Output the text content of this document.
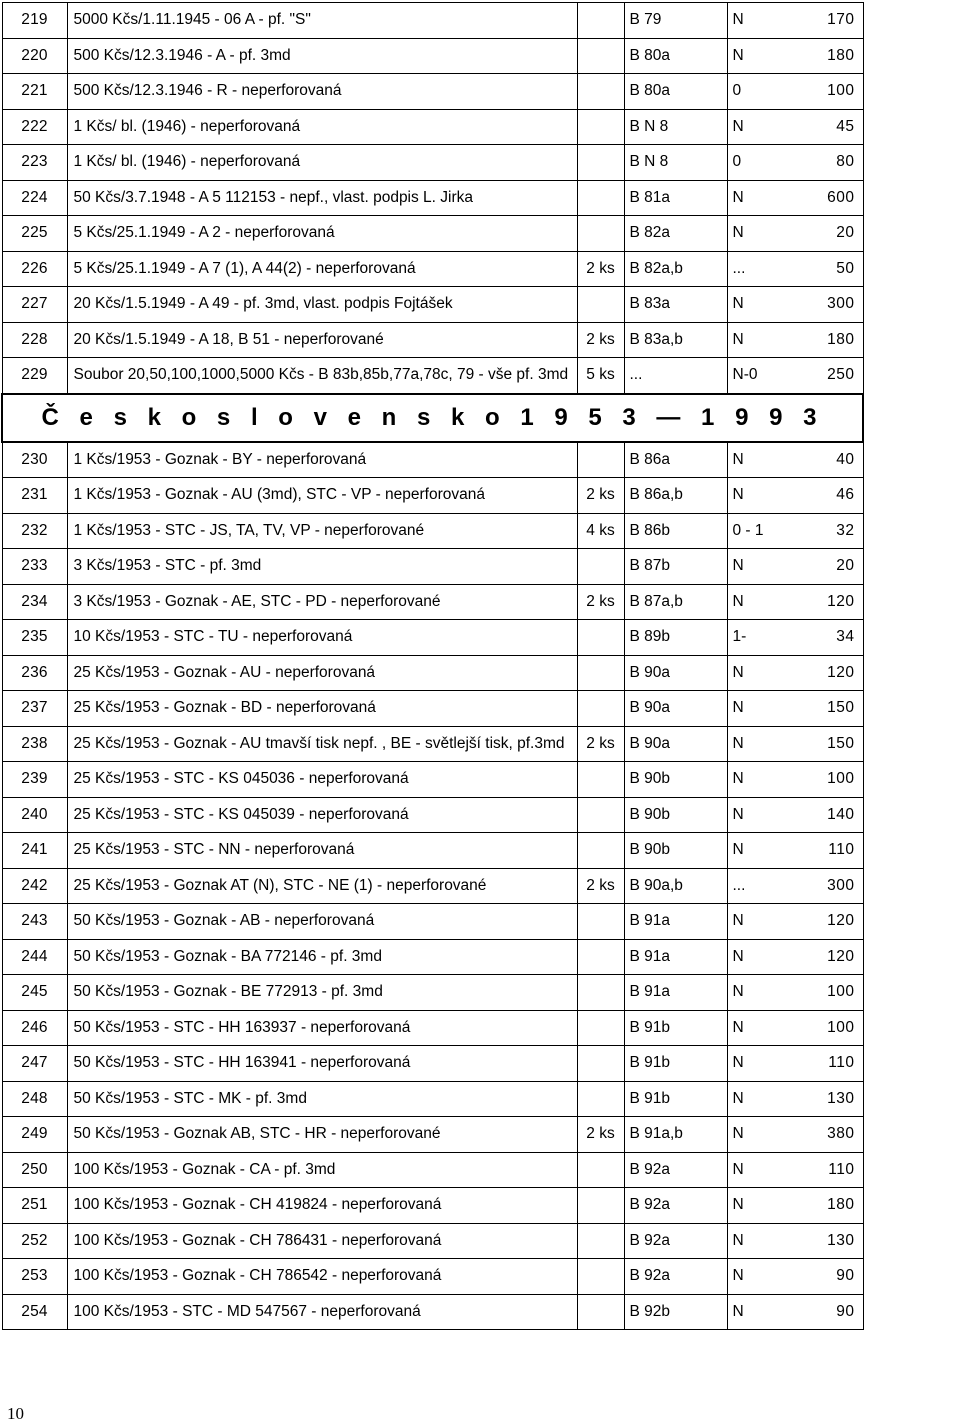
219	5000 Kčs/1.11.1945 - 06 A - pf. "S"		B 79	N	170
220	500 Kčs/12.3.1946 - A - pf. 3md		B 80a	N	180
221	500 Kčs/12.3.1946 - R - neperforovaná		B 80a	0	100
222	1 Kčs/ bl. (1946) - neperforovaná		B N 8	N	45
223	1 Kčs/ bl. (1946) - neperforovaná		B N 8	0	80
224	50 Kčs/3.7.1948 - A 5 112153 - nepf., vlast. podpis L. Jirka		B 81a	N	600
225	5 Kčs/25.1.1949 - A 2 - neperforovaná		B 82a	N	20
226	5 Kčs/25.1.1949 - A 7 (1), A 44(2) - neperforovaná	2 ks	B 82a,b	...	50
227	20 Kčs/1.5.1949 - A 49 - pf. 3md, vlast. podpis Fojtášek		B 83a	N	300
228	20 Kčs/1.5.1949 - A 18, B 51 - neperforované	2 ks	B 83a,b	N	180
229	Soubor 20,50,100,1000,5000 Kčs - B 83b,85b,77a,78c, 79 - vše pf. 3md	5 ks	...	N-0	250
Č e s k o s l o v e n s k o 1 9 5 3 — 1 9 9 3					
230	1 Kčs/1953 - Goznak - BY - neperforovaná		B 86a	N	40
231	1 Kčs/1953 - Goznak - AU (3md), STC - VP - neperforovaná	2 ks	B 86a,b	N	46
232	1 Kčs/1953 - STC - JS, TA, TV, VP - neperforované	4 ks	B 86b	0 - 1	32
233	3 Kčs/1953 - STC - pf. 3md		B 87b	N	20
234	3 Kčs/1953 - Goznak - AE, STC - PD - neperforované	2 ks	B 87a,b	N	120
235	10 Kčs/1953 - STC - TU - neperforovaná		B 89b	1-	34
236	25 Kčs/1953 - Goznak - AU - neperforovaná		B 90a	N	120
237	25 Kčs/1953 - Goznak - BD - neperforovaná		B 90a	N	150
238	25 Kčs/1953 - Goznak - AU tmavší tisk nepf. , BE - světlejší tisk, pf.3md	2 ks	B 90a	N	150
239	25 Kčs/1953 - STC - KS 045036 - neperforovaná		B 90b	N	100
240	25 Kčs/1953 - STC - KS 045039 - neperforovaná		B 90b	N	140
241	25 Kčs/1953 - STC - NN - neperforovaná		B 90b	N	110
242	25 Kčs/1953 - Goznak AT (N), STC - NE (1) - neperforované	2 ks	B 90a,b	...	300
243	50 Kčs/1953 - Goznak - AB - neperforovaná		B 91a	N	120
244	50 Kčs/1953 - Goznak - BA 772146 - pf. 3md		B 91a	N	120
245	50 Kčs/1953 - Goznak - BE 772913 - pf. 3md		B 91a	N	100
246	50 Kčs/1953 - STC - HH 163937 - neperforovaná		B 91b	N	100
247	50 Kčs/1953 - STC - HH 163941 - neperforovaná		B 91b	N	110
248	50 Kčs/1953 - STC - MK - pf. 3md		B 91b	N	130
249	50 Kčs/1953 - Goznak AB, STC - HR - neperforované	2 ks	B 91a,b	N	380
250	100 Kčs/1953 - Goznak - CA - pf. 3md		B 92a	N	110
251	100 Kčs/1953 - Goznak - CH 419824 - neperforovaná		B 92a	N	180
252	100 Kčs/1953 - Goznak - CH 786431 - neperforovaná		B 92a	N	130
253	100 Kčs/1953 - Goznak - CH 786542 - neperforovaná		B 92a	N	90
254	100 Kčs/1953 - STC - MD 547567 - neperforovaná		B 92b	N	90
10
